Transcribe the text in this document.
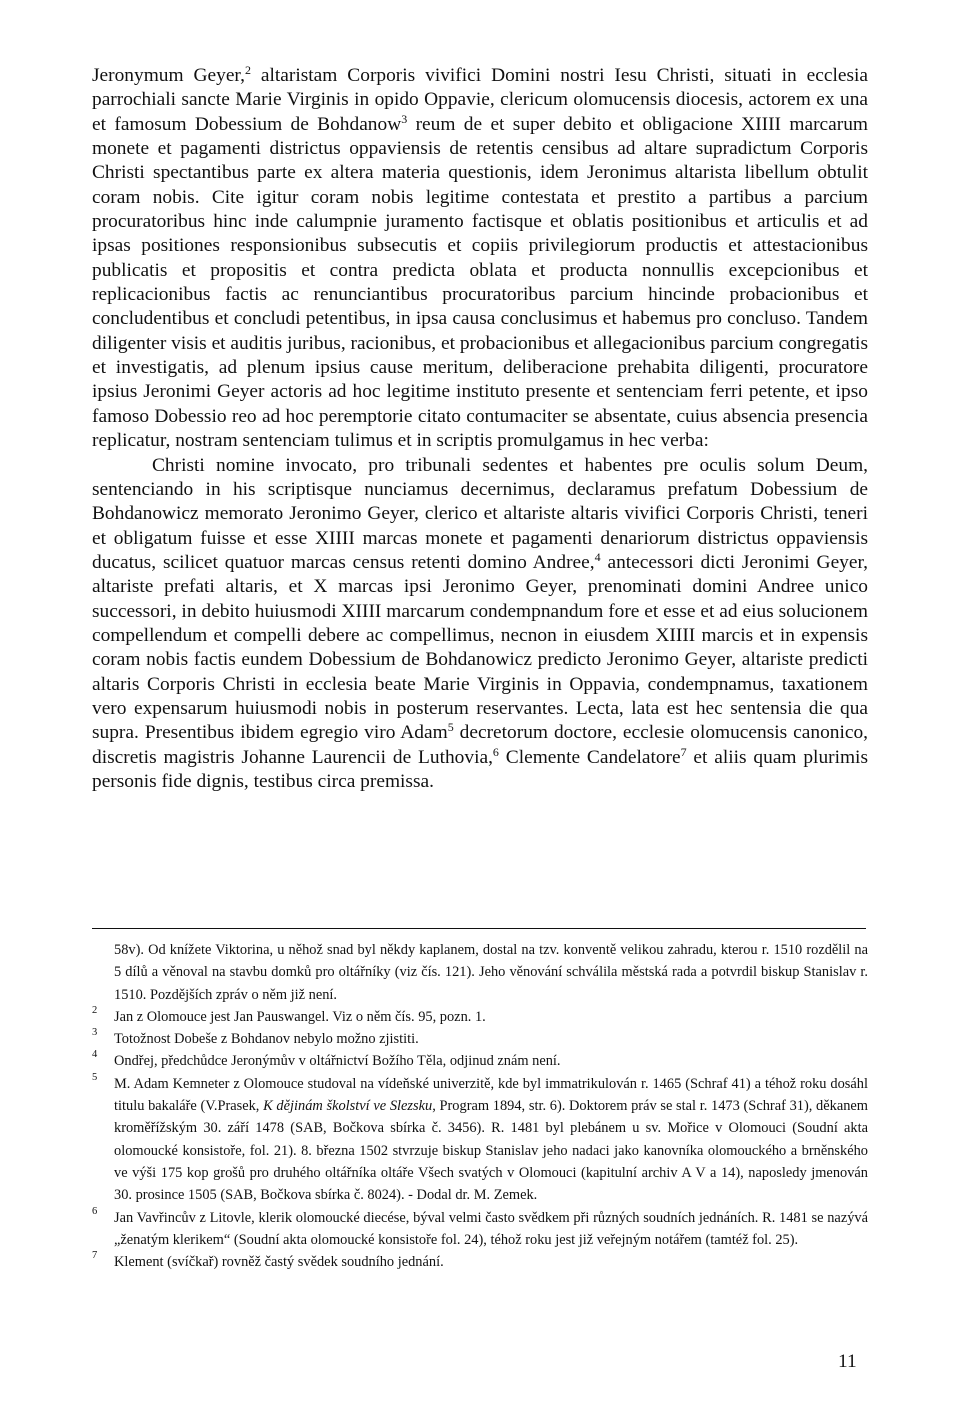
Jeronymum Geyer,$^2$ altaristam Corporis vivifici Domini nostri Iesu Christi, situati in ecclesia parrochiali sancte Marie Virginis in opido Oppavie, clericum olomucensis diocesis, actorem ex una et famosum Dobessium de Bohdanow$^3$ reum de et super debito et obligacione XIIII marcarum monete et pagamenti districtus oppaviensis de retentis censibus ad altare supradictum Corporis Christi spectantibus parte ex altera materia questionis, idem Jeronimus altarista libellum obtulit coram nobis. Cite igitur coram nobis legitime contestata et prestito a partibus a parcium procuratoribus hinc inde calumpnie juramento factisque et oblatis positionibus et articulis et ad ipsas positiones responsionibus subsecutis et copiis privilegiorum productis et attestacionibus publicatis et propositis et contra predicta oblata et producta nonnullis excepcionibus et replicacionibus factis ac renunciantibus procuratoribus parcium hincinde probacionibus et concludentibus et concludi petentibus, in ipsa causa conclusimus et habemus pro concluso. Tandem diligenter visis et auditis juribus, racionibus, et probacionibus et allegacionibus parcium congregatis et investigatis, ad plenum ipsius cause meritum, deliberacione prehabita diligenti, procuratore ipsius Jeronimi Geyer actoris ad hoc legitime instituto presente et sentenciam ferri petente, et ipso famoso Dobessio reo ad hoc peremptorie citato contumaciter se absentate, cuius absencia presencia replicatur, nostram sentenciam tulimus et in scriptis promulgamus in hec verba:

Christi nomine invocato, pro tribunali sedentes et habentes pre oculis solum Deum, sentenciando in his scriptisque nunciamus decernimus, declaramus prefatum Dobessium de Bohdanowicz memorato Jeronimo Geyer, clerico et altariste altaris vivifici Corporis Christi, teneri et obligatum fuisse et esse XIIII marcas monete et pagamenti denariorum districtus oppaviensis ducatus, scilicet quatuor marcas census retenti domino Andree,$^4$ antecessori dicti Jeronimi Geyer, altariste prefati altaris, et X marcas ipsi Jeronimo Geyer, prenominati domini Andree unico successori, in debito huiusmodi XIIII marcarum condempnandum fore et esse et ad eius solucionem compellendum et compelli debere ac compellimus, necnon in eiusdem XIIII marcis et in expensis coram nobis factis eundem Dobessium de Bohdanowicz predicto Jeronimo Geyer, altariste predicti altaris Corporis Christi in ecclesia beate Marie Virginis in Oppavia, condempnamus, taxationem vero expensarum huiusmodi nobis in posterum reservantes. Lecta, lata est hec sentensia die qua supra. Presentibus ibidem egregio viro Adam$^5$ decretorum doctore, ecclesie olomucensis canonico, discretis magistris Johanne Laurencii de Luthovia,$^6$ Clemente Candelatore$^7$ et aliis quam plurimis personis fide dignis, testibus circa premissa.

58v). Od knížete Viktorina, u něhož snad byl někdy kaplanem, dostal na tzv. konventě velikou zahradu, kterou r. 1510 rozdělil na 5 dílů a věnoval na stavbu domků pro oltářníky (viz čís. 121). Jeho věnování schválila městská rada a potvrdil biskup Stanislav r. 1510. Pozdějších zpráv o něm již není.
2 Jan z Olomouce jest Jan Pauswangel. Viz o něm čís. 95, pozn. 1.
3 Totožnost Dobeše z Bohdanov nebylo možno zjistiti.
4 Ondřej, předchůdce Jeronýmův v oltářnictví Božího Těla, odjinud znám není.
5 M. Adam Kemneter z Olomouce studoval na vídeňské univerzitě, kde byl immatrikulován r. 1465 (Schraf 41) a téhož roku dosáhl titulu bakaláře (V.Prasek, K dějinám školství ve Slezsku, Program 1894, str. 6). Doktorem práv se stal r. 1473 (Schraf 31), děkanem kroměřížským 30. září 1478 (SAB, Bočkova sbírka č. 3456). R. 1481 byl plebánem u sv. Mořice v Olomouci (Soudní akta olomoucké konsistoře, fol. 21). 8. března 1502 stvrzuje biskup Stanislav jeho nadaci jako kanovníka olomouckého a brněnského ve výši 175 kop grošů pro druhého oltářníka oltáře Všech svatých v Olomouci (kapitulní archiv A V a 14), naposledy jmenován 30. prosince 1505 (SAB, Bočkova sbírka č. 8024). - Dodal dr. M. Zemek.
6 Jan Vavřincův z Litovle, klerik olomoucké diecése, býval velmi často svědkem při různých soudních jednáních. R. 1481 se nazývá „ženatým klerikem“ (Soudní akta olomoucké konsistoře fol. 24), téhož roku jest již veřejným notářem (tamtéž fol. 25).
7 Klement (svíčkař) rovněž častý svědek soudního jednání.
11
